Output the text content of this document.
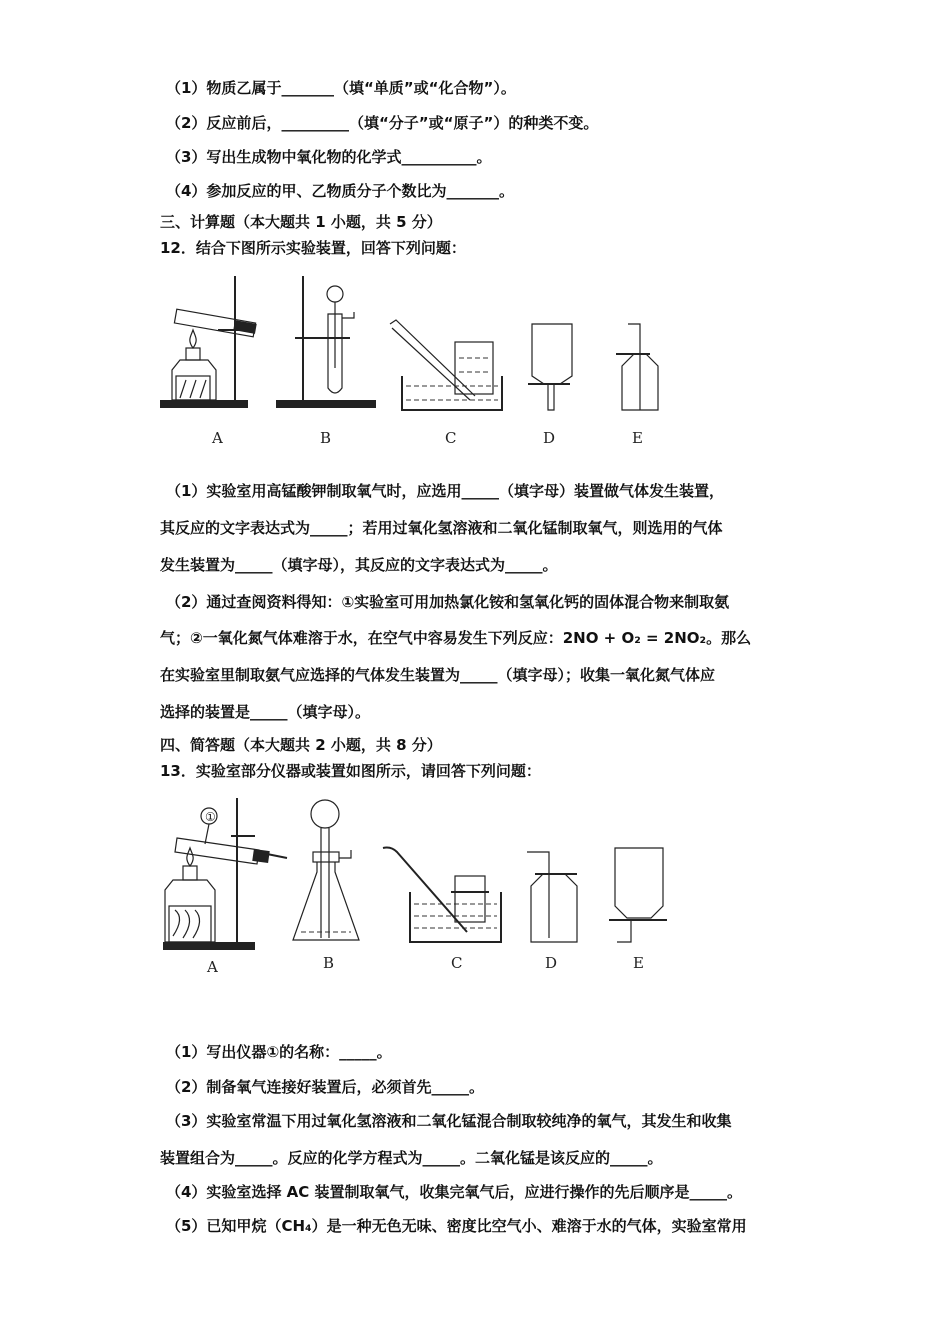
（1）物质乙属于_______（填“单质”或“化合物”）。
（2）反应前后，_________（填“分子”或“原子”）的种类不变。
（3）写出生成物中氧化物的化学式__________。
（4）参加反应的甲、乙物质分子个数比为_______。
三、计算题（本大题共 1 小题，共 5 分）
12．结合下图所示实验装置，回答下列问题：
A	B	C	D	E
（1）实验室用高锰酸钾制取氧气时，应选用_____（填字母）装置做气体发生装置，
其反应的文字表达式为_____；若用过氧化氢溶液和二氧化锰制取氧气，则选用的气体
发生装置为_____（填字母），其反应的文字表达式为_____。
（2）通过查阅资料得知：①实验室可用加热氯化铵和氢氧化钙的固体混合物来制取氨
气；②一氧化氮气体难溶于水，在空气中容易发生下列反应：2NO + O₂ = 2NO₂。那么
在实验室里制取氨气应选择的气体发生装置为_____（填字母）；收集一氧化氮气体应
选择的装置是_____（填字母）。
四、简答题（本大题共 2 小题，共 8 分）
13．实验室部分仪器或装置如图所示，请回答下列问题：
①
A	B	C	D	E
（1）写出仪器①的名称：_____。
（2）制备氧气连接好装置后，必须首先_____。
（3）实验室常温下用过氧化氢溶液和二氧化锰混合制取较纯净的氧气，其发生和收集
装置组合为_____。反应的化学方程式为_____。二氧化锰是该反应的_____。
（4）实验室选择 AC 装置制取氧气，收集完氧气后，应进行操作的先后顺序是_____。
（5）已知甲烷（CH₄）是一种无色无味、密度比空气小、难溶于水的气体，实验室常用
